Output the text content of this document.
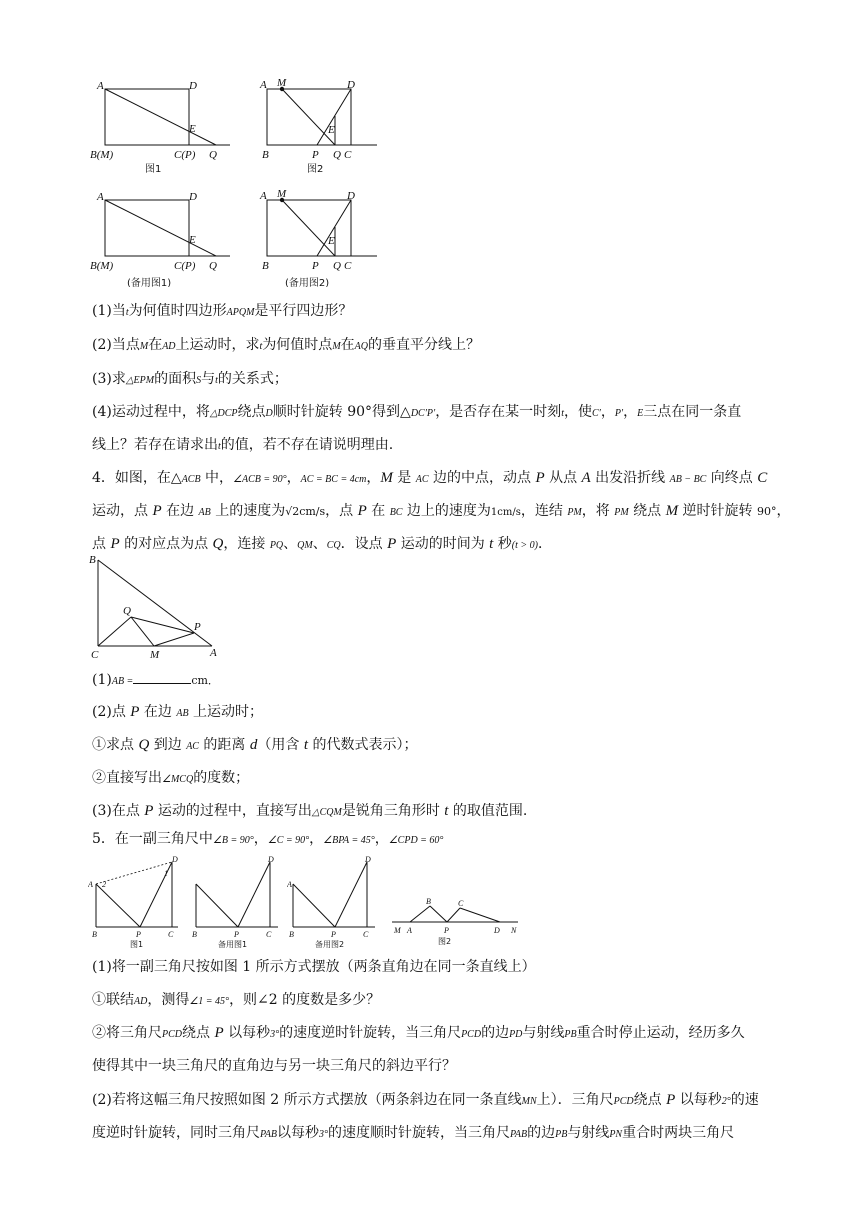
A	D
E
B(M)	C(P) Q
图1
A M	D
E
B	P Q C
图2
A	D
E
B(M)	C(P) Q
(备用图1)
A M	D
E
B	P Q C
(备用图2)
(1)当t为何值时四边形APQM是平行四边形？
(2)当点M在AD上运动时，求t为何值时点M在AQ的垂直平分线上？
(3)求△EPM的面积S与t的关系式；
(4)运动过程中，将△DCP绕点D顺时针旋转 90°得到△DC′P′，是否存在某一时刻t，使C′，P′，E三点在同一条直
线上？若存在请求出t的值，若不存在请说明理由.
4．如图，在△ACB 中，∠ACB = 90°，AC = BC = 4cm，M 是 AC 边的中点，动点 P 从点 A 出发沿折线 AB − BC 向终点 C
运动，点 P 在边 AB 上的速度为√2cm/s，点 P 在 BC 边上的速度为1cm/s，连结 PM，将 PM 绕点 M 逆时针旋转 90°，
点 P 的对应点为点 Q，连接 PQ、QM、CQ．设点 P 运动的时间为 t 秒(t > 0)．
B
Q
P
C	M	A
(1)AB =	cm．
(2)点 P 在边 AB 上运动时；
①求点 Q 到边 AC 的距离 d（用含 t 的代数式表示）；
②直接写出∠MCQ的度数；
(3)在点 P 运动的过程中，直接写出△CQM是锐角三角形时 t 的取值范围.
5．在一副三角尺中∠B = 90°，∠C = 90°，∠BPA = 45°，∠CPD = 60°
A
D
2
1
B	P	C
图1
D
B	P	C
备用图1
D
A
B	P	C
备用图2
B	C
M A	P	D N
图2
(1)将一副三角尺按如图 1 所示方式摆放（两条直角边在同一条直线上）
①联结AD，测得∠1 = 45°，则∠2 的度数是多少？
②将三角尺PCD绕点 P 以每秒3°的速度逆时针旋转，当三角尺PCD的边PD与射线PB重合时停止运动，经历多久
使得其中一块三角尺的直角边与另一块三角尺的斜边平行？
(2)若将这幅三角尺按照如图 2 所示方式摆放（两条斜边在同一条直线MN上）．三角尺PCD绕点 P 以每秒2°的速
度逆时针旋转，同时三角尺PAB以每秒3°的速度顺时针旋转，当三角尺PAB的边PB与射线PN重合时两块三角尺
